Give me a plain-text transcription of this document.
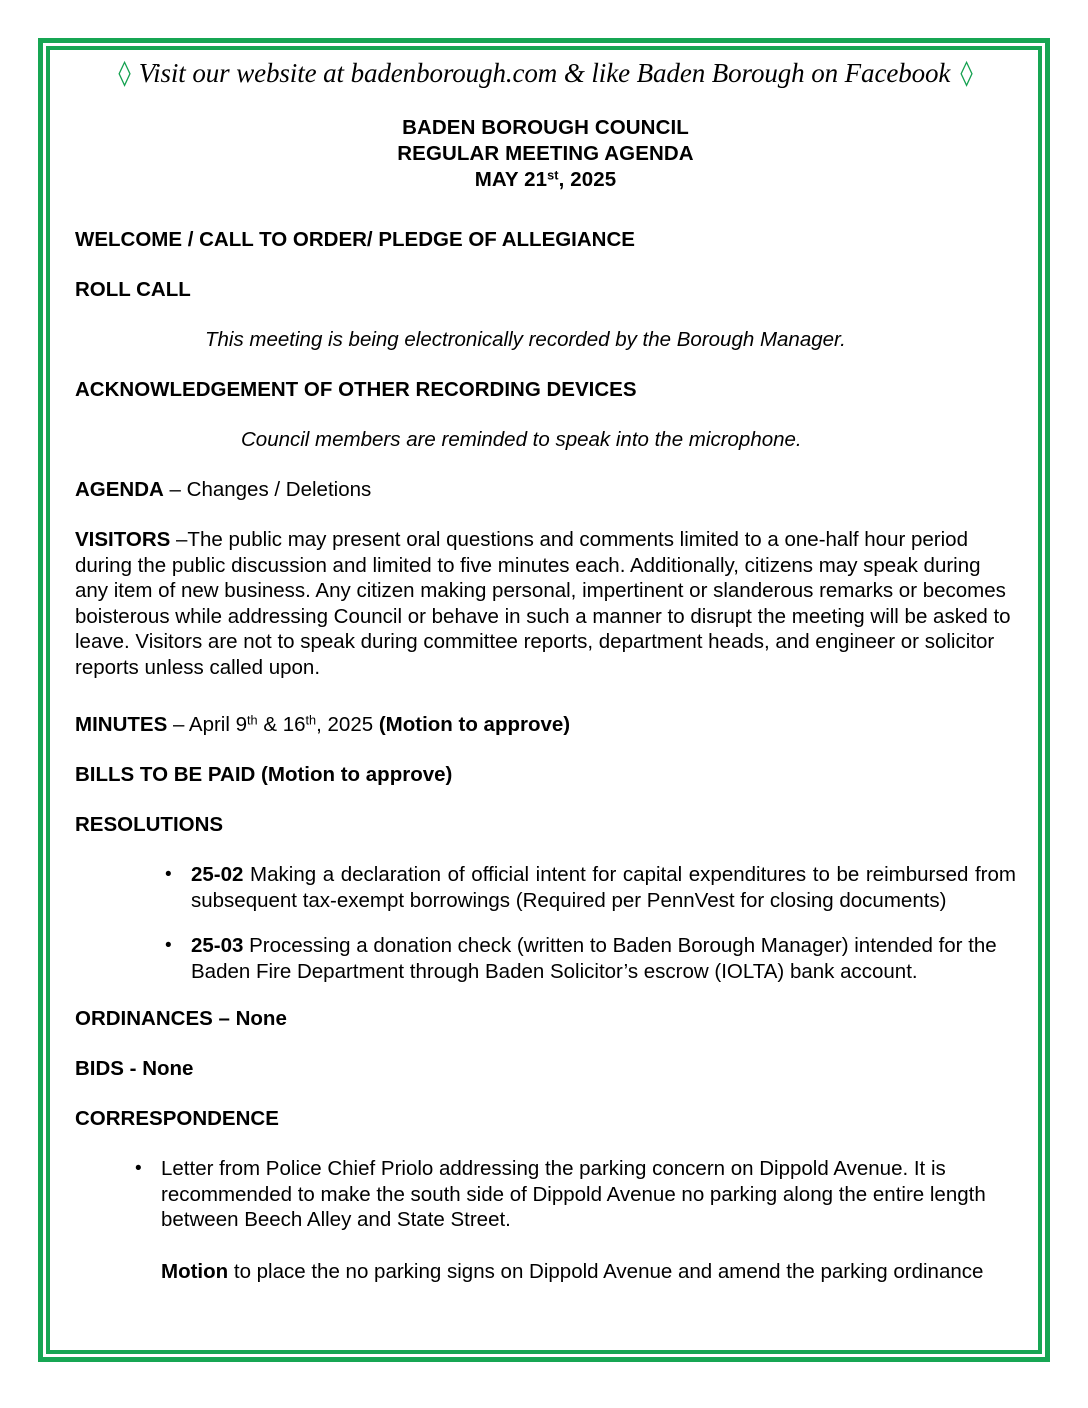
◊ Visit our website at badenborough.com & like Baden Borough on Facebook ◊
BADEN BOROUGH COUNCIL
REGULAR MEETING AGENDA
MAY 21st, 2025

WELCOME / CALL TO ORDER/ PLEDGE OF ALLEGIANCE

ROLL CALL

This meeting is being electronically recorded by the Borough Manager.

ACKNOWLEDGEMENT OF OTHER RECORDING DEVICES

Council members are reminded to speak into the microphone.

AGENDA – Changes / Deletions

VISITORS –The public may present oral questions and comments limited to a one-half hour period during the public discussion and limited to five minutes each. Additionally, citizens may speak during any item of new business. Any citizen making personal, impertinent or slanderous remarks or becomes boisterous while addressing Council or behave in such a manner to disrupt the meeting will be asked to leave. Visitors are not to speak during committee reports, department heads, and engineer or solicitor reports unless called upon.

MINUTES – April 9th & 16th, 2025 (Motion to approve)

BILLS TO BE PAID (Motion to approve)

RESOLUTIONS

• 25-02 Making a declaration of official intent for capital expenditures to be reimbursed from subsequent tax-exempt borrowings (Required per PennVest for closing documents)
• 25-03 Processing a donation check (written to Baden Borough Manager) intended for the Baden Fire Department through Baden Solicitor’s escrow (IOLTA) bank account.

ORDINANCES – None

BIDS - None

CORRESPONDENCE

• Letter from Police Chief Priolo addressing the parking concern on Dippold Avenue. It is recommended to make the south side of Dippold Avenue no parking along the entire length between Beech Alley and State Street.

Motion to place the no parking signs on Dippold Avenue and amend the parking ordinance
